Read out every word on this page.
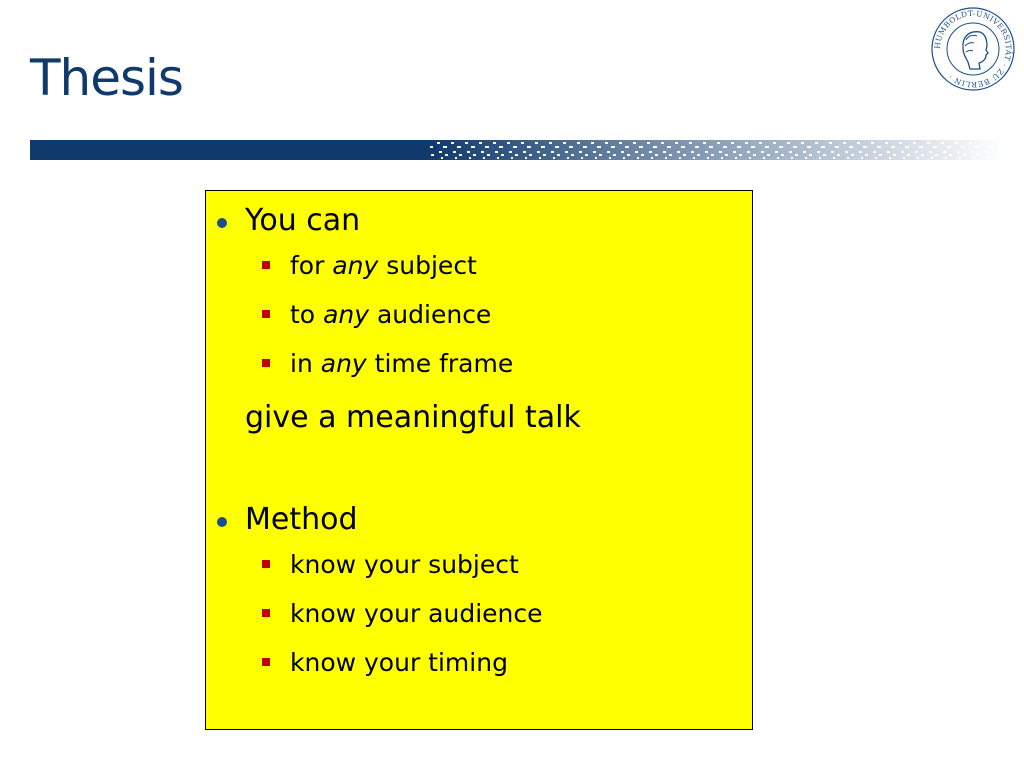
Thesis
HUMBOLDT-UNIVERSITÄT · ZU BERLIN ·
You can
for any subject
to any audience
in any time frame
give a meaningful talk
Method
know your subject
know your audience
know your timing
